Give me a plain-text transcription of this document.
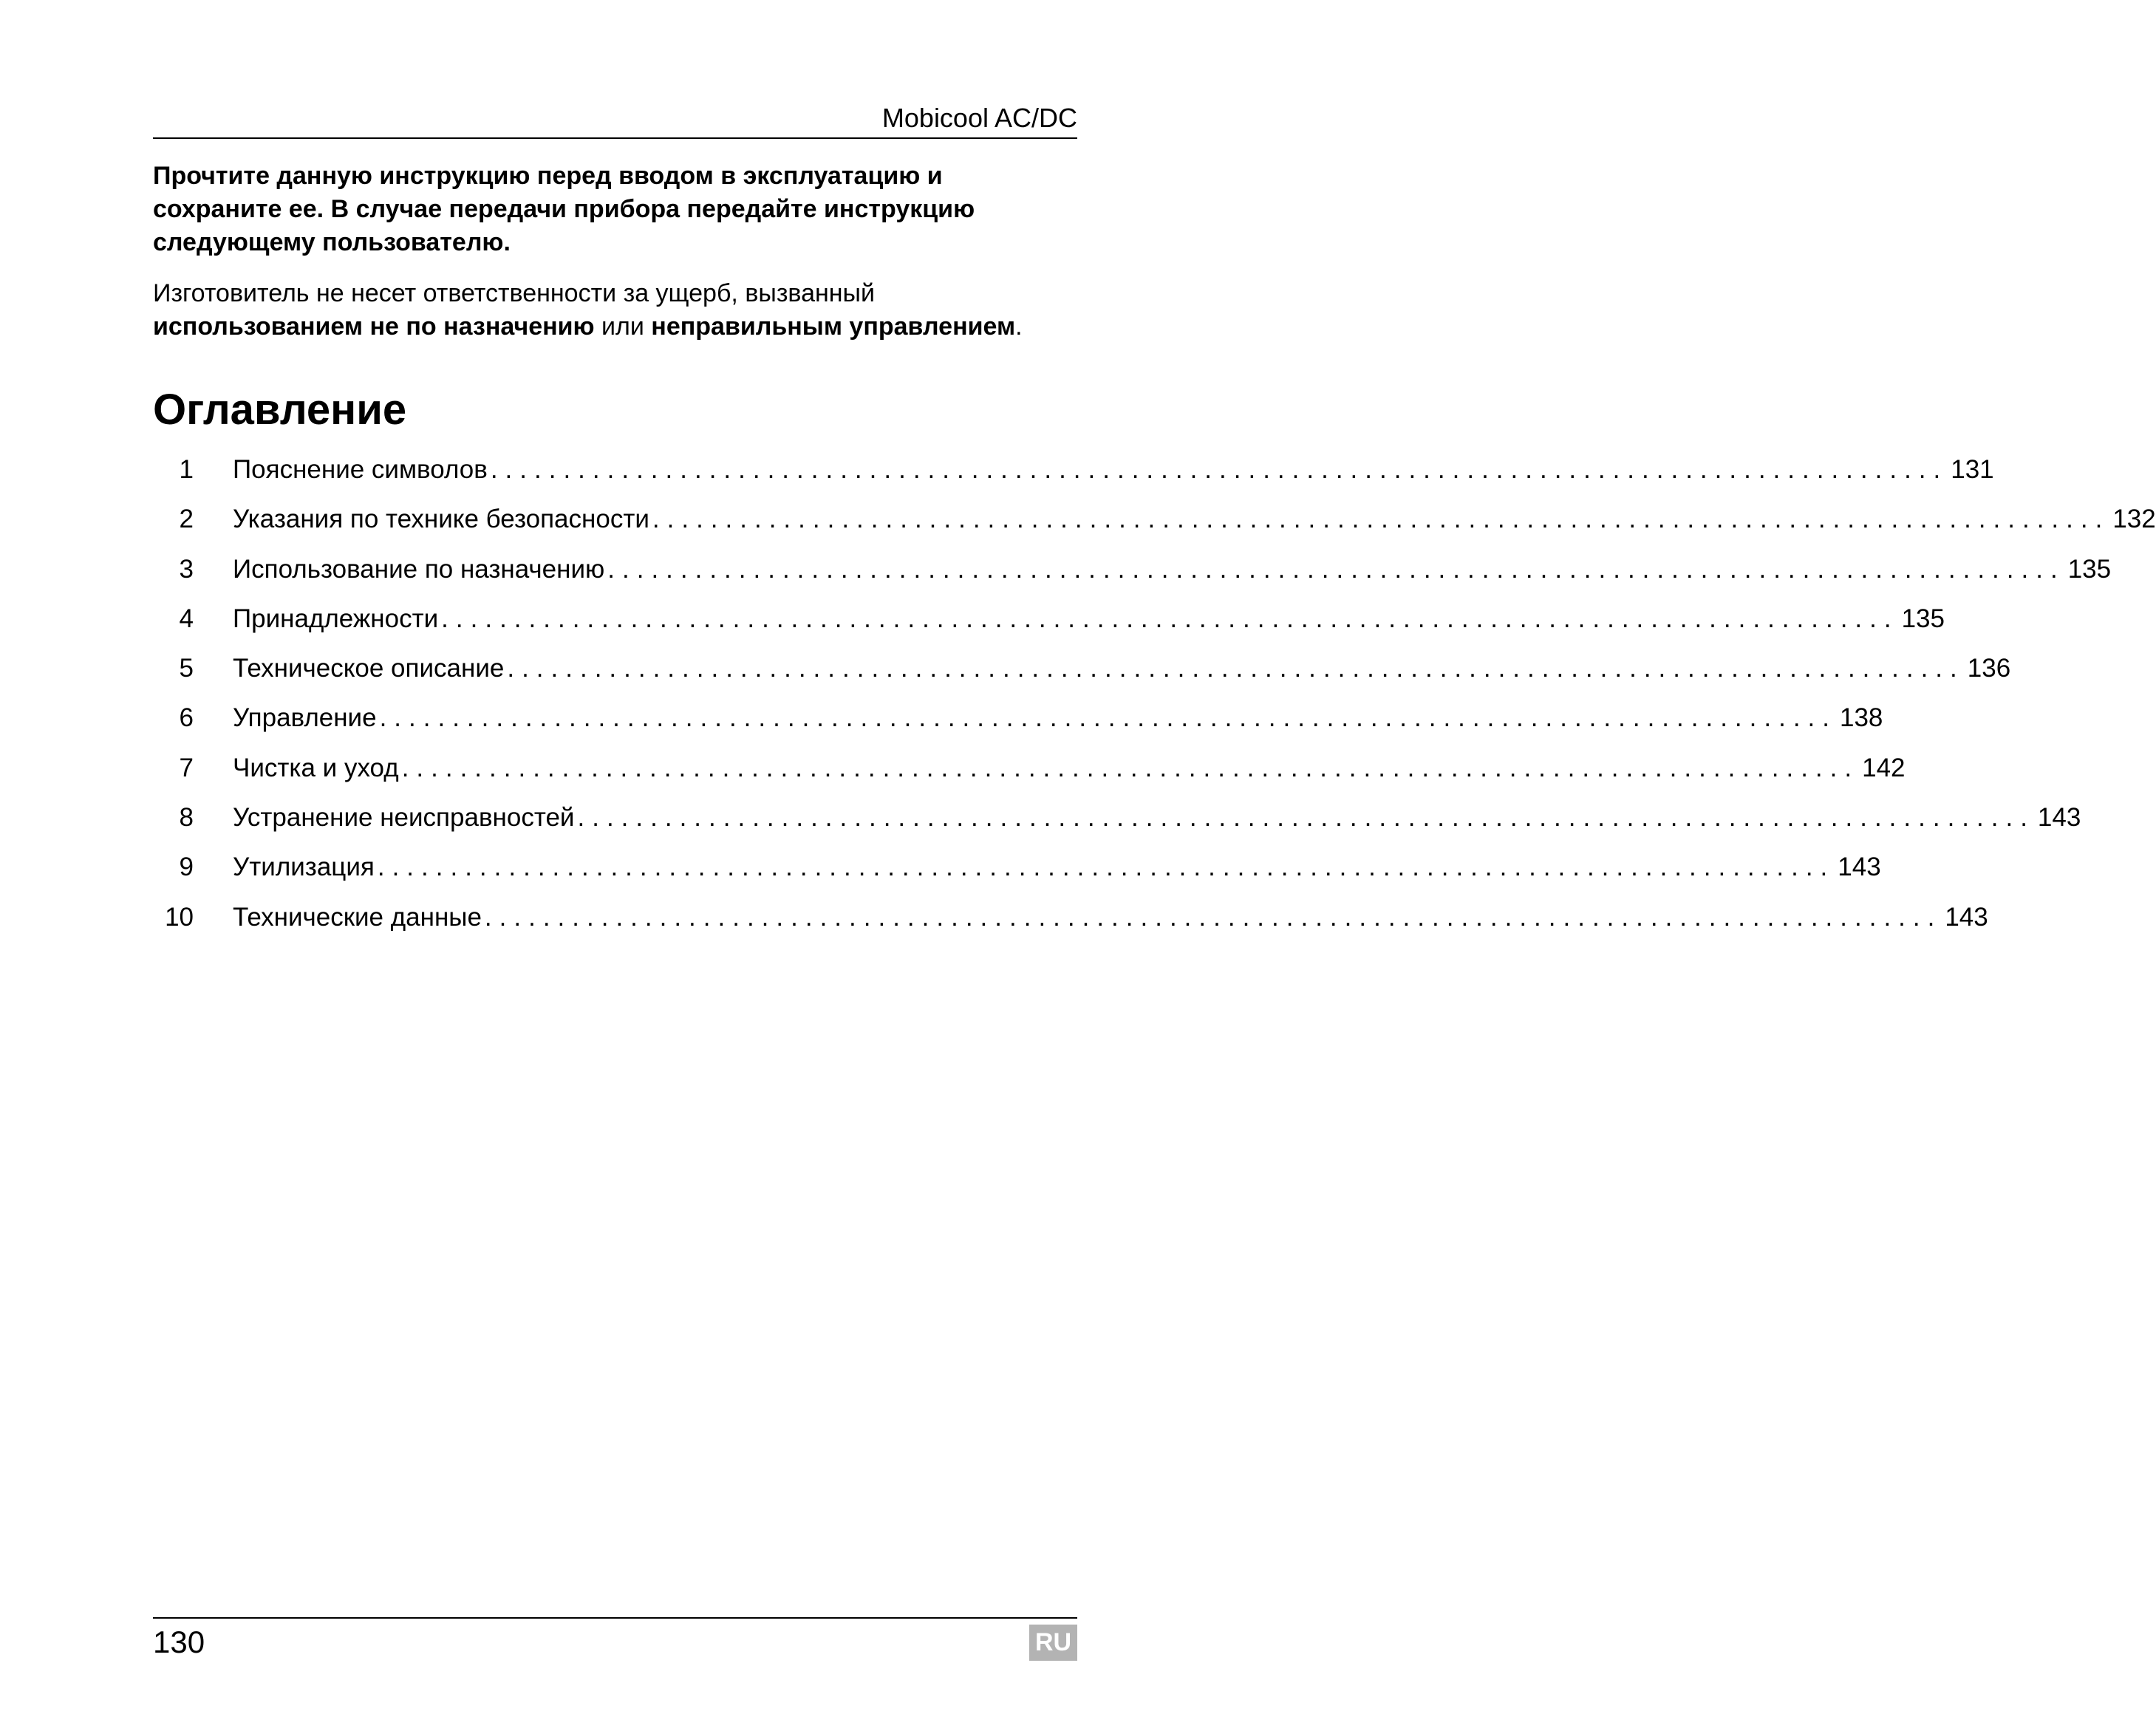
Mobicool AC/DC

Прочтите данную инструкцию перед вводом в эксплуатацию и сохраните ее. В случае передачи прибора передайте инструкцию следующему пользователю.

Изготовитель не несет ответственности за ущерб, вызванный использованием не по назначению или неправильным управлением.

Оглавление
1 Пояснение символов .................................................................................................... 131
2 Указания по технике безопасности .................................................................................................... 132
3 Использование по назначению .................................................................................................... 135
4 Принадлежности .................................................................................................... 135
5 Техническое описание .................................................................................................... 136
6 Управление .................................................................................................... 138
7 Чистка и уход .................................................................................................... 142
8 Устранение неисправностей .................................................................................................... 143
9 Утилизация .................................................................................................... 143
10 Технические данные .................................................................................................... 143
130	RU
